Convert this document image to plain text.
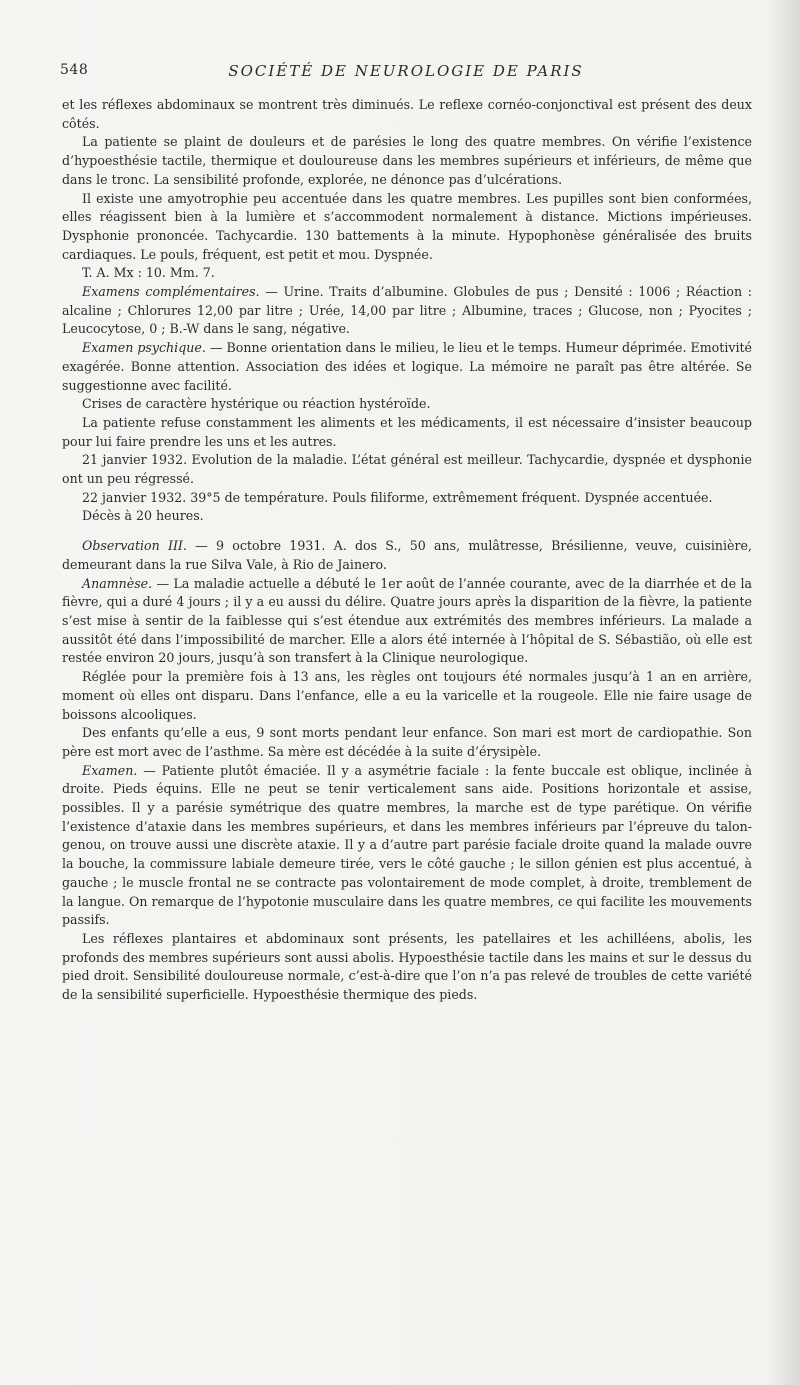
548	SOCIÉTÉ DE NEUROLOGIE DE PARIS

et les réflexes abdominaux se montrent très diminués. Le reflexe cornéo-conjonctival est présent des deux côtés.

La patiente se plaint de douleurs et de parésies le long des quatre membres. On vérifie l’existence d’hypoesthésie tactile, thermique et douloureuse dans les membres supérieurs et inférieurs, de même que dans le tronc. La sensibilité profonde, explorée, ne dénonce pas d’ulcérations.

Il existe une amyotrophie peu accentuée dans les quatre membres. Les pupilles sont bien conformées, elles réagissent bien à la lumière et s’accommodent normalement à distance. Mictions impérieuses. Dysphonie prononcée. Tachycardie. 130 battements à la minute. Hypophonèse généralisée des bruits cardiaques. Le pouls, fréquent, est petit et mou. Dyspnée.

T. A. Mx : 10. Mm. 7.

Examens complémentaires. — Urine. Traits d’albumine. Globules de pus ; Densité : 1006 ; Réaction : alcaline ; Chlorures 12,00 par litre ; Urée, 14,00 par litre ; Albumine, traces ; Glucose, non ; Pyocites ; Leucocytose, 0 ; B.-W dans le sang, négative.

Examen psychique. — Bonne orientation dans le milieu, le lieu et le temps. Humeur déprimée. Emotivité exagérée. Bonne attention. Association des idées et logique. La mémoire ne paraît pas être altérée. Se suggestionne avec facilité.

Crises de caractère hystérique ou réaction hystéroïde.

La patiente refuse constamment les aliments et les médicaments, il est nécessaire d’insister beaucoup pour lui faire prendre les uns et les autres.

21 janvier 1932. Evolution de la maladie. L’état général est meilleur. Tachycardie, dyspnée et dysphonie ont un peu régressé.

22 janvier 1932. 39°5 de température. Pouls filiforme, extrêmement fréquent. Dyspnée accentuée.

Décès à 20 heures.

Observation III. — 9 octobre 1931. A. dos S., 50 ans, mulâtresse, Brésilienne, veuve, cuisinière, demeurant dans la rue Silva Vale, à Rio de Jainero.

Anamnèse. — La maladie actuelle a débuté le 1er août de l’année courante, avec de la diarrhée et de la fièvre, qui a duré 4 jours ; il y a eu aussi du délire. Quatre jours après la disparition de la fièvre, la patiente s’est mise à sentir de la faiblesse qui s’est étendue aux extrémités des membres inférieurs. La malade a aussitôt été dans l’impossibilité de marcher. Elle a alors été internée à l’hôpital de S. Sébastião, où elle est restée environ 20 jours, jusqu’à son transfert à la Clinique neurologique.

Réglée pour la première fois à 13 ans, les règles ont toujours été normales jusqu’à 1 an en arrière, moment où elles ont disparu. Dans l’enfance, elle a eu la varicelle et la rougeole. Elle nie faire usage de boissons alcooliques.

Des enfants qu’elle a eus, 9 sont morts pendant leur enfance. Son mari est mort de cardiopathie. Son père est mort avec de l’asthme. Sa mère est décédée à la suite d’érysipèle.

Examen. — Patiente plutôt émaciée. Il y a asymétrie faciale : la fente buccale est oblique, inclinée à droite. Pieds équins. Elle ne peut se tenir verticalement sans aide. Positions horizontale et assise, possibles. Il y a parésie symétrique des quatre membres, la marche est de type parétique. On vérifie l’existence d’ataxie dans les membres supérieurs, et dans les membres inférieurs par l’épreuve du talon-genou, on trouve aussi une discrète ataxie. Il y a d’autre part parésie faciale droite quand la malade ouvre la bouche, la commissure labiale demeure tirée, vers le côté gauche ; le sillon génien est plus accentué, à gauche ; le muscle frontal ne se contracte pas volontairement de mode complet, à droite, tremblement de la langue. On remarque de l’hypotonie musculaire dans les quatre membres, ce qui facilite les mouvements passifs.

Les réflexes plantaires et abdominaux sont présents, les patellaires et les achilléens, abolis, les profonds des membres supérieurs sont aussi abolis. Hypoesthésie tactile dans les mains et sur le dessus du pied droit. Sensibilité douloureuse normale, c’est-à-dire que l’on n’a pas relevé de troubles de cette variété de la sensibilité superficielle. Hypoesthésie thermique des pieds.
